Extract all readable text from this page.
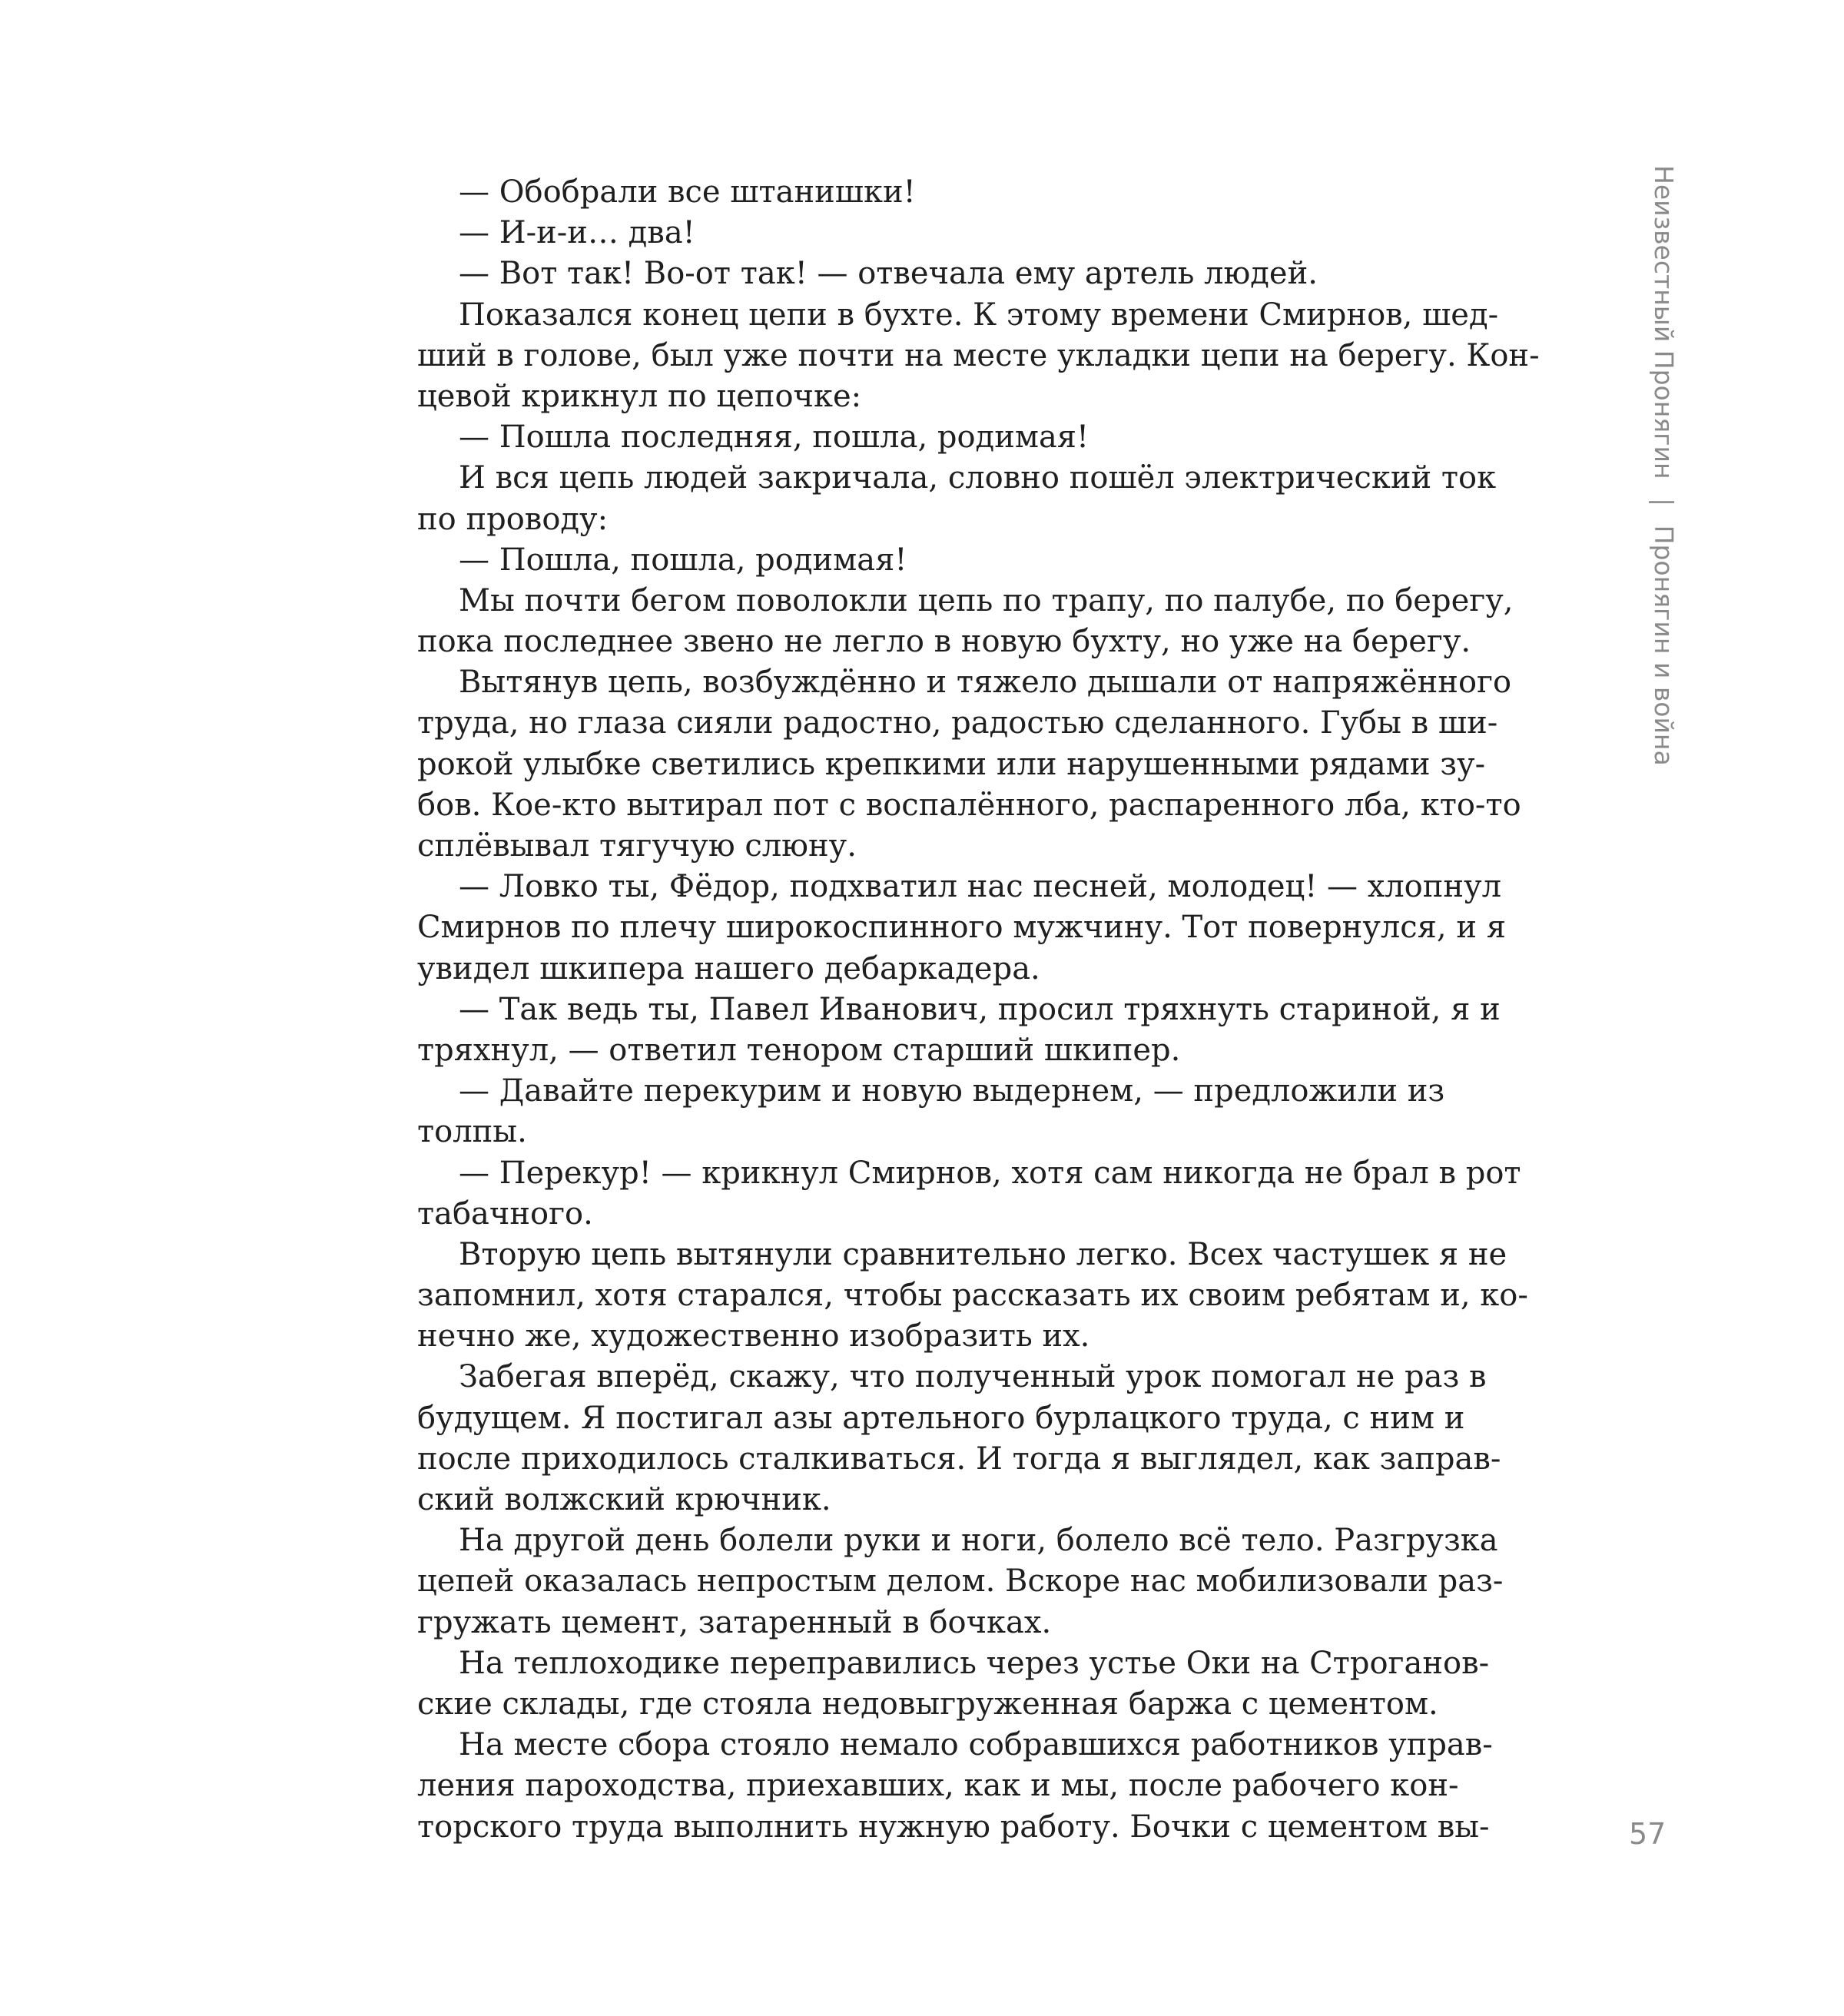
— Обобрали все штанишки!
— И-и-и… два!
— Вот так! Во-от так! — отвечала ему артель людей.
Показался конец цепи в бухте. К этому времени Смирнов, шед-
ший в голове, был уже почти на месте укладки цепи на берегу. Кон-
цевой крикнул по цепочке:
— Пошла последняя, пошла, родимая!
И вся цепь людей закричала, словно пошёл электрический ток
по проводу:
— Пошла, пошла, родимая!
Мы почти бегом поволокли цепь по трапу, по палубе, по берегу,
пока последнее звено не легло в новую бухту, но уже на берегу.
Вытянув цепь, возбуждённо и тяжело дышали от напряжённого
труда, но глаза сияли радостно, радостью сделанного. Губы в ши-
рокой улыбке светились крепкими или нарушенными рядами зу-
бов. Кое-кто вытирал пот с воспалённого, распаренного лба, кто-то
сплёвывал тягучую слюну.
— Ловко ты, Фёдор, подхватил нас песней, молодец! — хлопнул
Смирнов по плечу широкоспинного мужчину. Тот повернулся, и я
увидел шкипера нашего дебаркадера.
— Так ведь ты, Павел Иванович, просил тряхнуть стариной, я и
тряхнул, — ответил тенором старший шкипер.
— Давайте перекурим и новую выдернем, — предложили из
толпы.
— Перекур! — крикнул Смирнов, хотя сам никогда не брал в рот
табачного.
Вторую цепь вытянули сравнительно легко. Всех частушек я не
запомнил, хотя старался, чтобы рассказать их своим ребятам и, ко-
нечно же, художественно изобразить их.
Забегая вперёд, скажу, что полученный урок помогал не раз в
будущем. Я постигал азы артельного бурлацкого труда, с ним и
после приходилось сталкиваться. И тогда я выглядел, как заправ-
ский волжский крючник.
На другой день болели руки и ноги, болело всё тело. Разгрузка
цепей оказалась непростым делом. Вскоре нас мобилизовали раз-
гружать цемент, затаренный в бочках.
На теплоходике переправились через устье Оки на Строганов-
ские склады, где стояла недовыгруженная баржа с цементом.
На месте сбора стояло немало собравшихся работников управ-
ления пароходства, приехавших, как и мы, после рабочего кон-
торского труда выполнить нужную работу. Бочки с цементом вы-
Неизвестный Пронягин | Пронягин и война
57
